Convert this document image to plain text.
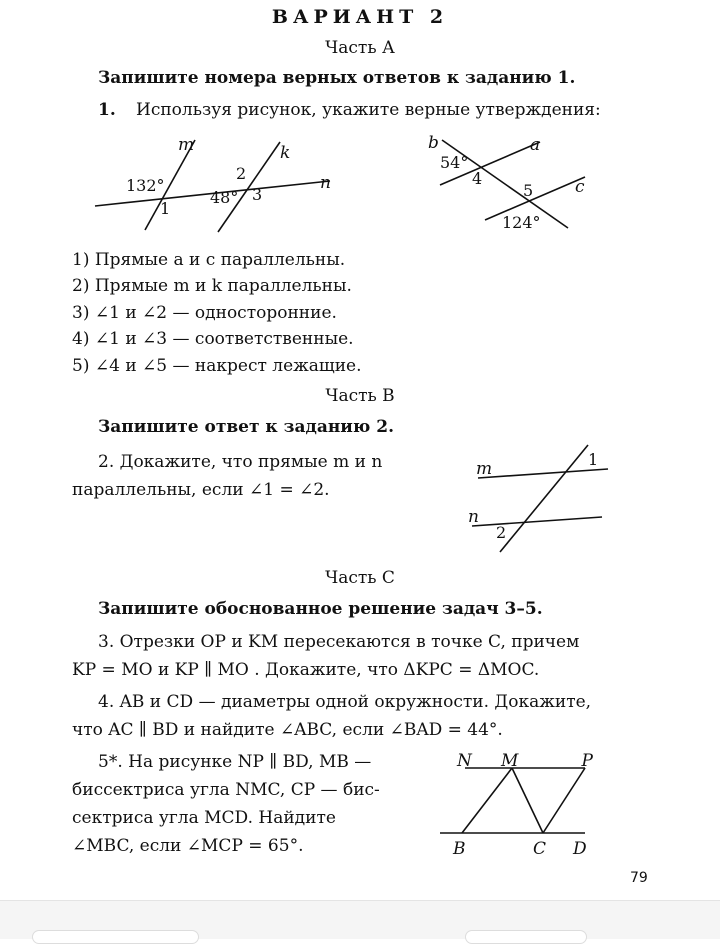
ВАРИАНТ 2
Часть А
Запишите номера верных ответов к заданию 1.
1. Используя рисунок, укажите верные утверждения:
m	k
n
132°
1
2
48° 3
b	a
c
54°
4
5
124°
1) Прямые a и c параллельны.
2) Прямые m и k параллельны.
3) ∠1 и ∠2 — односторонние.
4) ∠1 и ∠3 — соответственные.
5) ∠4 и ∠5 — накрест лежащие.
Часть В
Запишите ответ к заданию 2.
2. Докажите, что прямые m и n
параллельны, если ∠1 = ∠2.
m
n
1
2
Часть С
Запишите обоснованное решение задач 3–5.
3. Отрезки OP и KM пересекаются в точке C, причем
KP = MO и KP ∥ MO . Докажите, что ΔKPC = ΔMOC.
4. AB и CD — диаметры одной окружности. Докажите,
что AC ∥ BD и найдите ∠ABC, если ∠BAD = 44°.
5*. На рисунке NP ∥ BD, MB —
биссектриса угла NMC, CP — бис-
сектриса угла MCD. Найдите
∠MBC, если ∠MCP = 65°.
N M	P
B	C D
79
